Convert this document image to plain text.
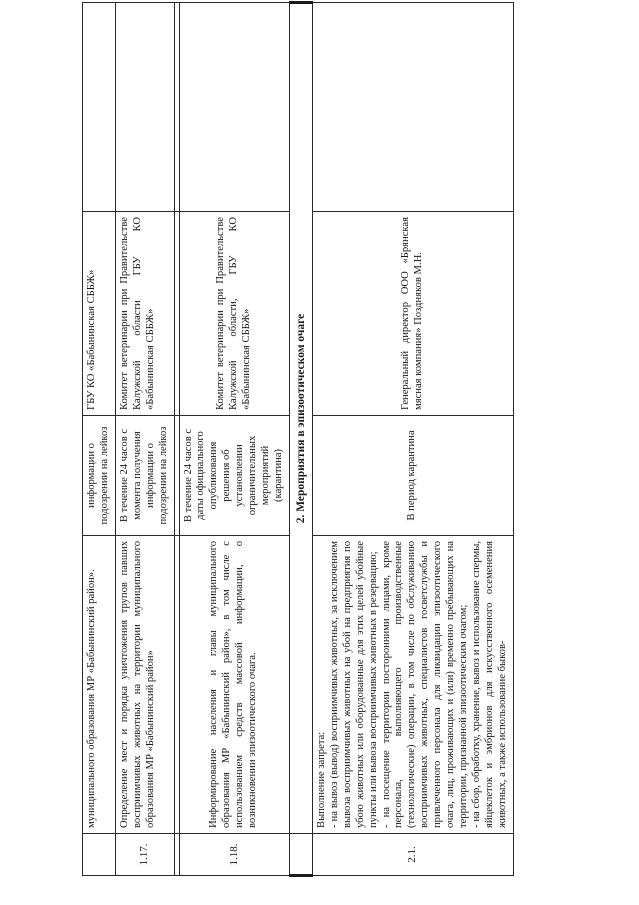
	муниципального образования МР «Бабынинский район».	информации о подозрении на лейкоз	ГБУ КО «Бабынинская СББЖ»	
1.17.	Определение мест и порядка уничтожения трупов павших восприимчивых животных на территории муниципального образования МР «Бабынинский район»	В течение 24 часов с момента получения информации о подозрении на лейкоз	Комитет ветеринарии при Правительстве Калужской области ГБУ КО «Бабынинская СББЖ»	

1.18.	Информирование населения и главы муниципального образования МР «Бабынинский район», в том числе с использованием средств массовой информации, о возникновении эпизоотического очага.	В течение 24 часов с даты официального опубликования решения об установлении ограничительных мероприятий (карантина)	Комитет ветеринарии при Правительстве Калужской области, ГБУ КО «Бабынинская СББЖ»	
	2. Мероприятия в эпизоотическом очаге			
2.1.	Выполнение запрета: - на вывоз (вывод) восприимчивых животных, за исключением вывоза восприимчивых животных на убой на предприятия по убою животных или оборудованные для этих целей убойные пункты или вывоза восприимчивых животных в резервацию; - на посещение территории посторонними лицами, кроме персонала, выполняющего производственные (технологические) операции, в том числе по обслуживанию восприимчивых животных, специалистов госветслужбы и привлеченного персонала для ликвидации эпизоотического очага, лиц, проживающих и (или) временно пребывающих на территории, признанной эпизоотическим очагом; - на сбор, обработку, хранение, вывоз и использование спермы, яйцеклеток и эмбрионов для искусственного осеменения животных, а также использование быков-	В период карантина	Генеральный директор ООО «Брянская мясная компания» Поздняков М.Н.	
